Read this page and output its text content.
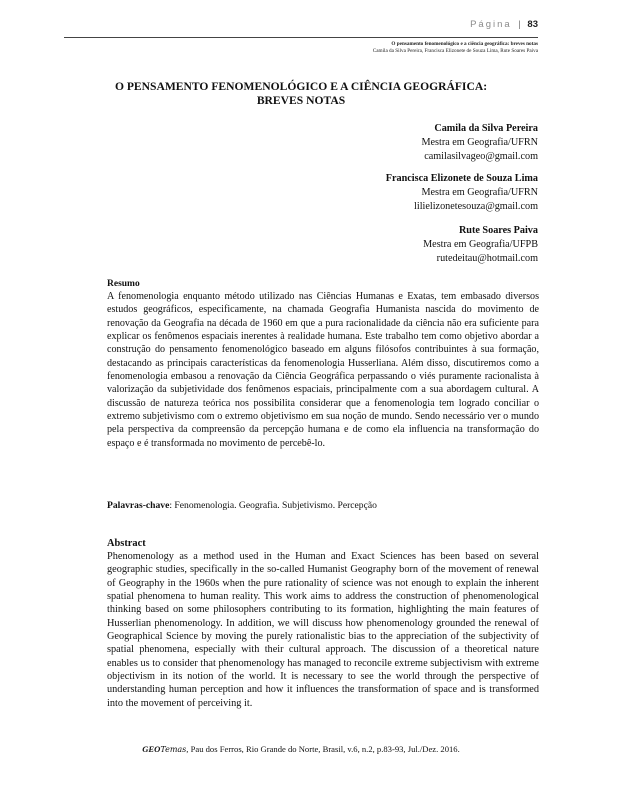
Página | 83
O pensamento fenomenológico e a ciência geográfica: breves notas
Camila da Silva Pereira, Francisca Elizonete de Souza Lima, Rute Soares Paiva
O PENSAMENTO FENOMENOLÓGICO E A CIÊNCIA GEOGRÁFICA:
BREVES NOTAS
Camila da Silva Pereira
Mestra em Geografia/UFRN
camilasilvageo@gmail.com
Francisca Elizonete de Souza Lima
Mestra em Geografia/UFRN
lilielizonetesouza@gmail.com
Rute Soares Paiva
Mestra em Geografia/UFPB
rutedeitau@hotmail.com
Resumo

A fenomenologia enquanto método utilizado nas Ciências Humanas e Exatas, tem embasado diversos estudos geográficos, especificamente, na chamada Geografia Humanista nascida do movimento de renovação da Geografia na década de 1960 em que a pura racionalidade da ciência não era suficiente para explicar os fenômenos espaciais inerentes à realidade humana. Este trabalho tem como objetivo abordar a construção do pensamento fenomenológico baseado em alguns filósofos contribuintes à sua formação, destacando as principais características da fenomenologia Husserliana. Além disso, discutiremos como a fenomenologia embasou a renovação da Ciência Geográfica perpassando o viés puramente racionalista à valorização da subjetividade dos fenômenos espaciais, principalmente com a sua abordagem cultural. A discussão de natureza teórica nos possibilita considerar que a fenomenologia tem logrado conciliar o extremo subjetivismo com o extremo objetivismo em sua noção de mundo. Sendo necessário ver o mundo pela perspectiva da compreensão da percepção humana e de como ela influencia na transformação do espaço e é transformada no movimento de percebê-lo.

Palavras-chave: Fenomenologia. Geografia. Subjetivismo. Percepção
Abstract

Phenomenology as a method used in the Human and Exact Sciences has been based on several geographic studies, specifically in the so-called Humanist Geography born of the movement of renewal of Geography in the 1960s when the pure rationality of science was not enough to explain the inherent spatial phenomena to human reality. This work aims to address the construction of phenomenological thinking based on some philosophers contributing to its formation, highlighting the main features of Husserlian phenomenology. In addition, we will discuss how phenomenology grounded the renewal of Geographical Science by moving the purely rationalistic bias to the appreciation of the subjectivity of spatial phenomena, especially with their cultural approach. The discussion of a theoretical nature enables us to consider that phenomenology has managed to reconcile extreme subjectivism with extreme objectivism in its notion of the world. It is necessary to see the world through the perspective of understanding human perception and how it influences the transformation of space and is transformed into the movement of perceiving it.

GEOTemas, Pau dos Ferros, Rio Grande do Norte, Brasil, v.6, n.2, p.83-93, Jul./Dez. 2016.
